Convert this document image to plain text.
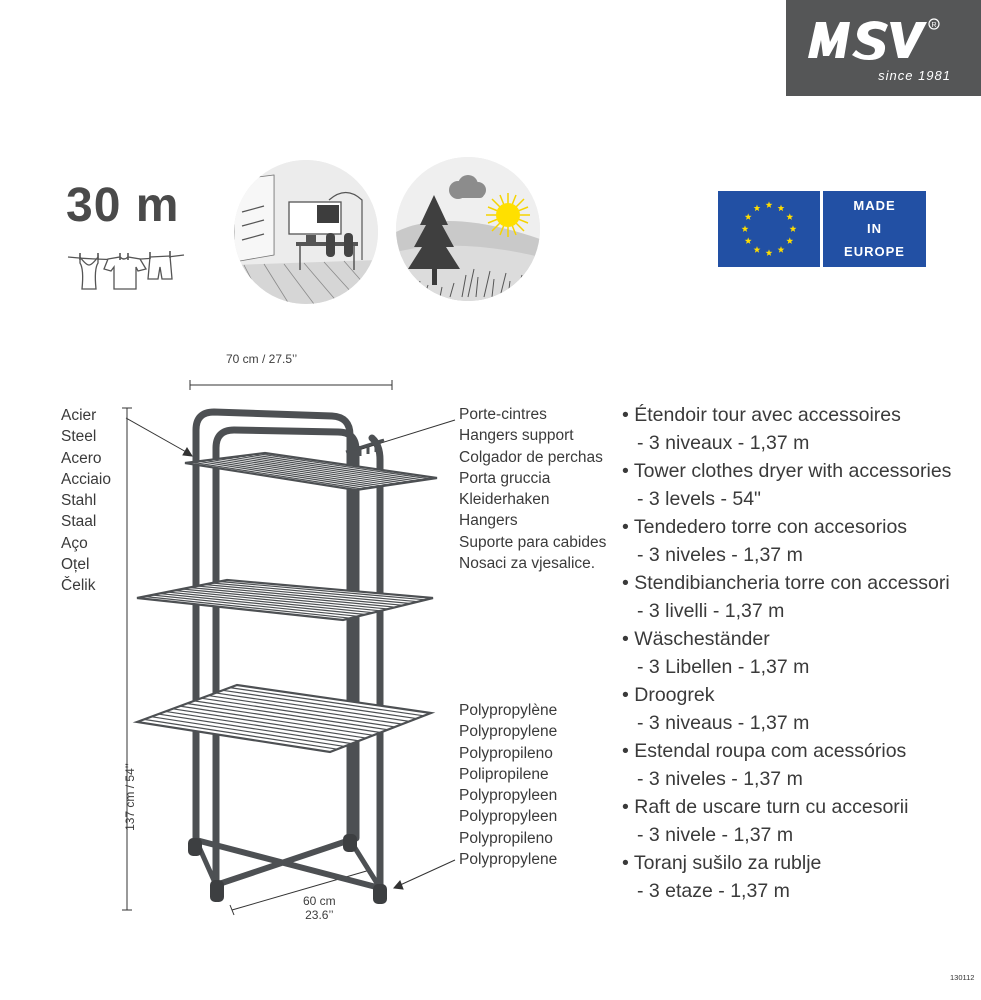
R
since 1981
30 m	MADE
IN
EUROPE
70 cm / 27.5’’
137 cm / 54’’
60 cm
23.6’’
Acier
Steel
Acero
Acciaio
Stahl
Staal
Aço
Oțel
Čelik
Porte-cintres
Hangers support
Colgador de perchas
Porta gruccia
Kleiderhaken
Hangers
Suporte para cabides
Nosaci za vjesalice.
Polypropylène
Polypropylene
Polypropileno
Polipropilene
Polypropyleen
Polypropyleen
Polypropileno
Polypropylene
• Étendoir tour avec accessoires
- 3 niveaux - 1,37 m
• Tower clothes dryer with accessories
- 3 levels - 54"
• Tendedero torre con accesorios
- 3 niveles - 1,37 m
• Stendibiancheria torre con accessori
- 3 livelli - 1,37 m
• Wäscheständer
- 3 Libellen - 1,37 m
• Droogrek
- 3 niveaus - 1,37 m
• Estendal roupa com acessórios
- 3 niveles - 1,37 m
• Raft de uscare turn cu accesorii
- 3 nivele - 1,37 m
• Toranj sušilo za rublje
- 3 etaze - 1,37 m
130112
